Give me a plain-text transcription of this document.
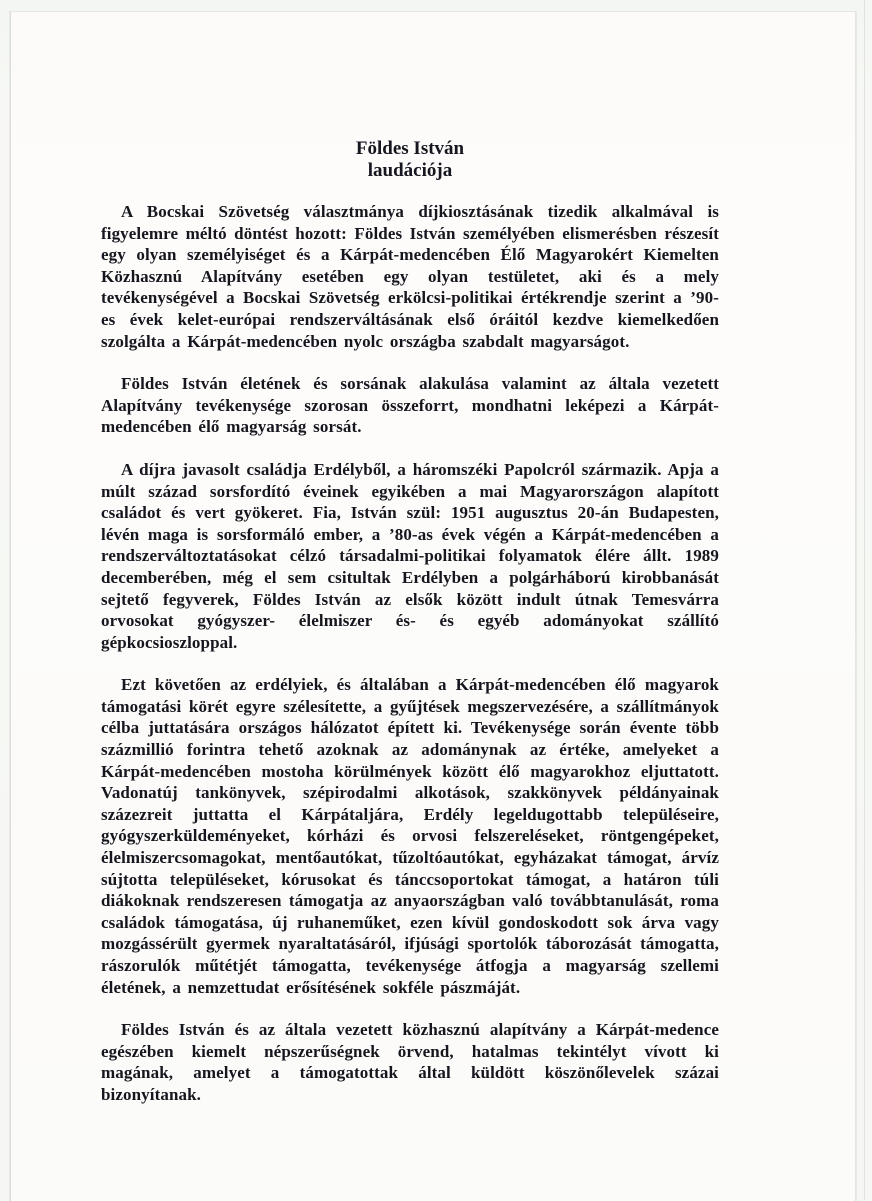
Földes István
laudációja

A Bocskai Szövetség választmánya díjkiosztásának tizedik alkalmával is figyelemre méltó döntést hozott: Földes István személyében elismerésben részesít egy olyan személyiséget és a Kárpát-medencében Élő Magyarokért Kiemelten Közhasznú Alapítvány esetében egy olyan testületet, aki és a mely tevékenységével a Bocskai Szövetség erkölcsi-politikai értékrendje szerint a ’90-es évek kelet-európai rendszerváltásának első óráitól kezdve kiemelkedően szolgálta a Kárpát-medencében nyolc országba szabdalt magyarságot.

Földes István életének és sorsának alakulása valamint az általa vezetett Alapítvány tevékenysége szorosan összeforrt, mondhatni leképezi a Kárpát-medencében élő magyarság sorsát.

A díjra javasolt családja Erdélyből, a háromszéki Papolcról származik. Apja a múlt század sorsfordító éveinek egyikében a mai Magyarországon alapított családot és vert gyökeret. Fia, István szül: 1951 augusztus 20-án Budapesten, lévén maga is sorsformáló ember, a ’80-as évek végén a Kárpát-medencében a rendszerváltoztatásokat célzó társadalmi-politikai folyamatok élére állt. 1989 decemberében, még el sem csitultak Erdélyben a polgárháború kirobbanását sejtető fegyverek, Földes István az elsők között indult útnak Temesvárra orvosokat gyógyszer- élelmiszer és- és egyéb adományokat szállító gépkocsioszloppal.

Ezt követően az erdélyiek, és általában a Kárpát-medencében élő magyarok támogatási körét egyre szélesítette, a gyűjtések megszervezésére, a szállítmányok célba juttatására országos hálózatot épített ki. Tevékenysége során évente több százmillió forintra tehető azoknak az adománynak az értéke, amelyeket a Kárpát-medencében mostoha körülmények között élő magyarokhoz eljuttatott. Vadonatúj tankönyvek, szépirodalmi alkotások, szakkönyvek példányainak százezreit juttatta el Kárpátaljára, Erdély legeldugottabb településeire, gyógyszerküldeményeket, kórházi és orvosi felszereléseket, röntgengépeket, élelmiszercsomagokat, mentőautókat, tűzoltóautókat, egyházakat támogat, árvíz sújtotta településeket, kórusokat és tánccsoportokat támogat, a határon túli diákoknak rendszeresen támogatja az anyaországban való továbbtanulását, roma családok támogatása, új ruhaneműket, ezen kívül gondoskodott sok árva vagy mozgássérült gyermek nyaraltatásáról, ifjúsági sportolók táborozását támogatta, rászorulók műtétjét támogatta, tevékenysége átfogja a magyarság szellemi életének, a nemzettudat erősítésének sokféle pászmáját.

Földes István és az általa vezetett közhasznú alapítvány a Kárpát-medence egészében kiemelt népszerűségnek örvend, hatalmas tekintélyt vívott ki magának, amelyet a támogatottak által küldött köszönőlevelek százai bizonyítanak.
